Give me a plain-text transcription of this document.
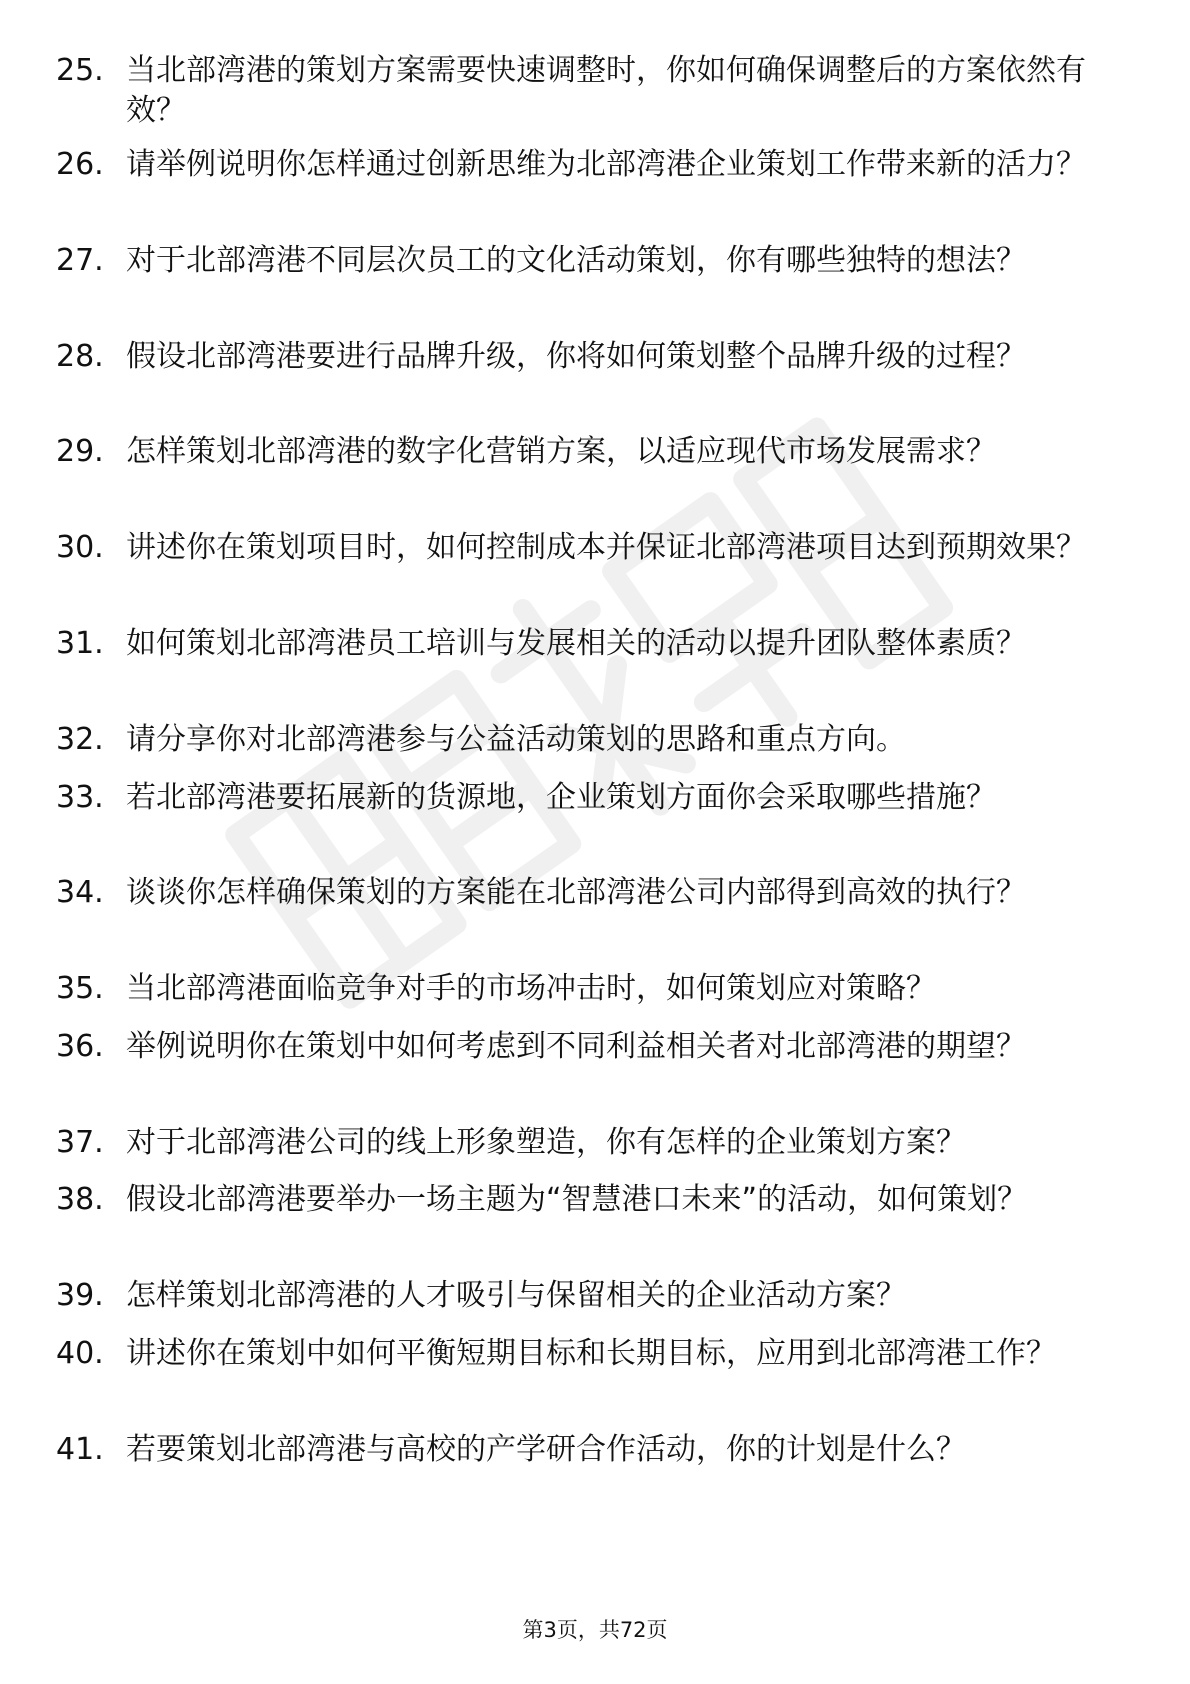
25. 当北部湾港的策划方案需要快速调整时，你如何确保调整后的方案依然有效？
26. 请举例说明你怎样通过创新思维为北部湾港企业策划工作带来新的活力？
27. 对于北部湾港不同层次员工的文化活动策划，你有哪些独特的想法？
28. 假设北部湾港要进行品牌升级，你将如何策划整个品牌升级的过程？
29. 怎样策划北部湾港的数字化营销方案，以适应现代市场发展需求？
30. 讲述你在策划项目时，如何控制成本并保证北部湾港项目达到预期效果？
31. 如何策划北部湾港员工培训与发展相关的活动以提升团队整体素质？
32. 请分享你对北部湾港参与公益活动策划的思路和重点方向。
33. 若北部湾港要拓展新的货源地，企业策划方面你会采取哪些措施？
34. 谈谈你怎样确保策划的方案能在北部湾港公司内部得到高效的执行？
35. 当北部湾港面临竞争对手的市场冲击时，如何策划应对策略？
36. 举例说明你在策划中如何考虑到不同利益相关者对北部湾港的期望？
37. 对于北部湾港公司的线上形象塑造，你有怎样的企业策划方案？
38. 假设北部湾港要举办一场主题为“智慧港口未来”的活动，如何策划？
39. 怎样策划北部湾港的人才吸引与保留相关的企业活动方案？
40. 讲述你在策划中如何平衡短期目标和长期目标，应用到北部湾港工作？
41. 若要策划北部湾港与高校的产学研合作活动，你的计划是什么？
第3页，共72页
